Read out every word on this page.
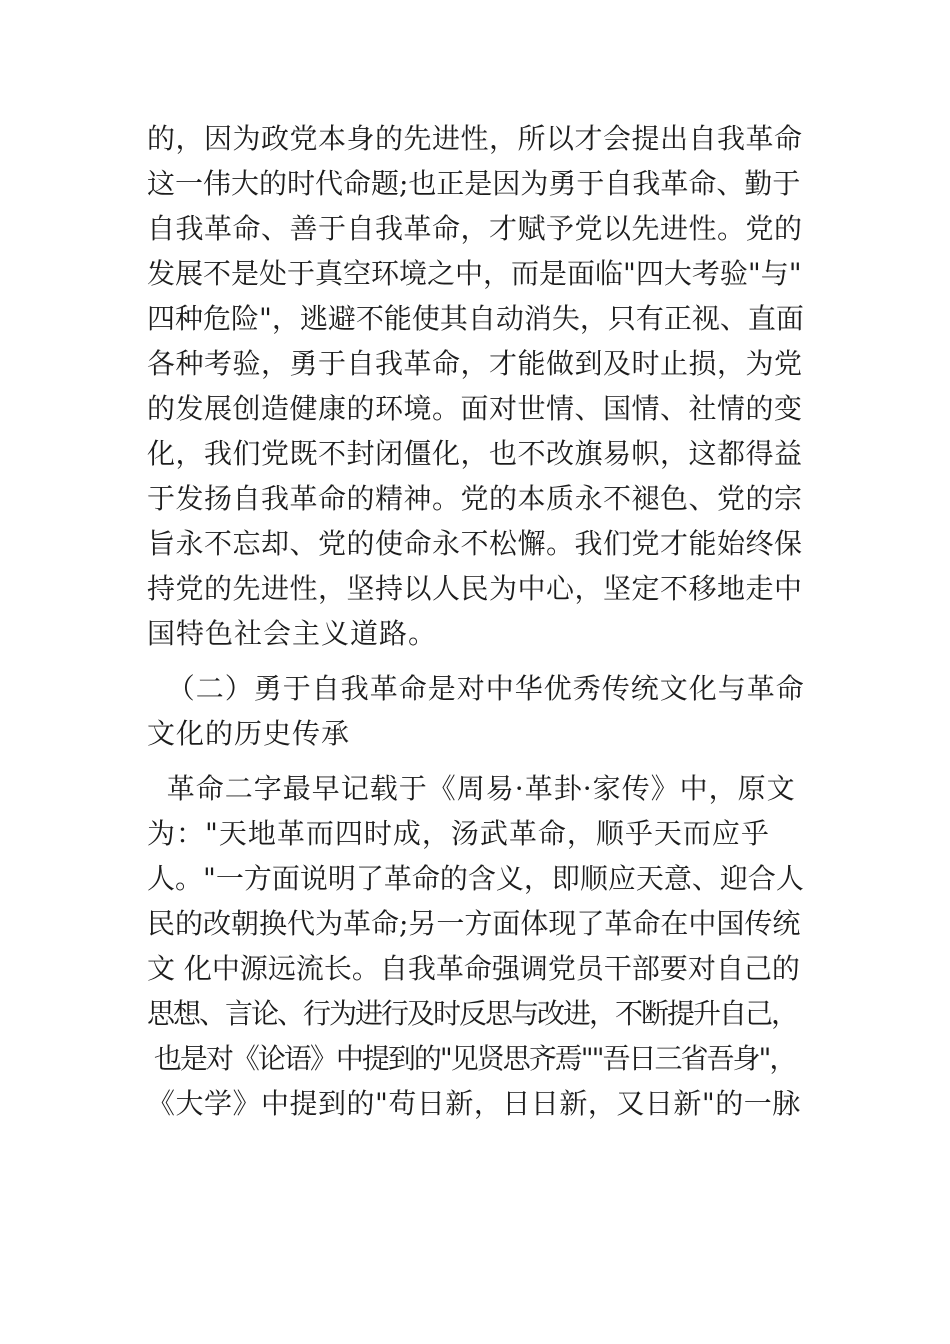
的，因为政党本身的先进性，所以才会提出自我革命
这一伟大的时代命题;也正是因为勇于自我革命、勤于
自我革命、善于自我革命，才赋予党以先进性。党的
发展不是处于真空环境之中，而是面临"四大考验"与"
四种危险"，逃避不能使其自动消失，只有正视、直面
各种考验，勇于自我革命，才能做到及时止损，为党
的发展创造健康的环境。面对世情、国情、社情的变
化，我们党既不封闭僵化，也不改旗易帜，这都得益
于发扬自我革命的精神。党的本质永不褪色、党的宗
旨永不忘却、党的使命永不松懈。我们党才能始终保
持党的先进性，坚持以人民为中心，坚定不移地走中
国特色社会主义道路。
（二）勇于自我革命是对中华优秀传统文化与革命
文化的历史传承
革命二字最早记载于《周易·革卦·家传》中，原文
为："天地革而四时成，汤武革命，顺乎天而应乎
人。"一方面说明了革命的含义，即顺应天意、迎合人
民的改朝换代为革命;另一方面体现了革命在中国传统
文 化中源远流长。自我革命强调党员干部要对自己的
思想、言论、行为进行及时反思与改进，不断提升自己，
也是对《论语》中提到的"见贤思齐焉""吾日三省吾身"，
《大学》中提到的"苟日新，日日新，又日新"的一脉
